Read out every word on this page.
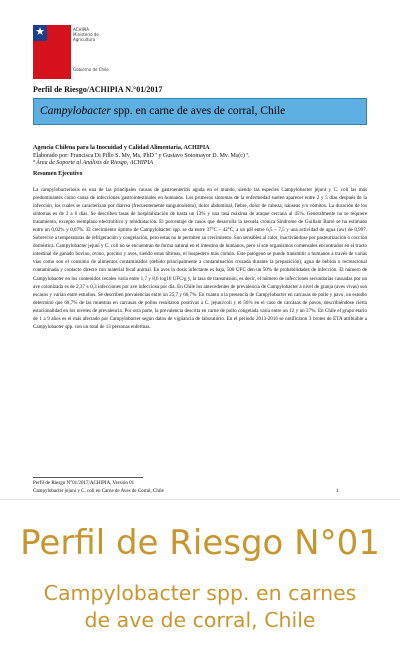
★	ACHIPIA
Ministerio de
Agricultura
Gobierno de Chile
Perfil de Riesgo/ACHIPIA N.°01/2017
Campylobacter spp. en carne de aves de corral, Chile
Agencia Chilena para la Inocuidad y Calidad Alimentaria, ACHIPIA
Elaborado por: Francisca Di Pillo S. Mv, Ms, PhD ª y Gustavo Sotomayor D. Mv. Ms(c) ª.
ª Área de Soporte al Análisis de Riesgo, ACHIPIA
Resumen Ejecutivo

La campylobacteriosis es una de las principales causas de gastroenteritis aguda en el mundo, siendo las especies Campylobacter jejuni y C. coli las más predominantes como causa de infecciones gastrointestinales en humanos. Los primeros síntomas de la enfermedad suelen aparecer entre 2 y 5 días después de la infección, los cuales se caracterizan por diarrea (frecuentemente sanguinolenta), dolor abdominal, fiebre, dolor de cabeza, náuseas y/o vómitos. La duración de los síntomas es de 3 a 6 días. Se describen tasas de hospitalización de hasta un 13% y una tasa máxima de ataque cercana al 45%. Generalmente no se requiere tratamiento, excepto reemplazo electrolítico y rehidratación. El porcentaje de casos que desarrolla la secuela crónica Síndrome de Guillain Barré se ha estimado entre un 0,02% y 0,07%. El crecimiento óptimo de Campylobacter spp. se da entre 37°C – 42°C, a un pH entre 6,5 – 7,5 y una actividad de agua (aw) de 0,997. Sobrevive a temperaturas de refrigeración y congelación, pero estas no le permiten su crecimiento. Son sensibles al calor, inactivándose por pasteurización o cocción doméstica. Campylobacter jejuni y C. coli no se encuentran de forma natural en el intestino de humanos, pero sí son organismos comensales encontrados en el tracto intestinal de ganado bovino, ovino, porcino y aves, siendo estas últimas, el hospedero más común. Este patógeno se puede transmitir a humanos a través de varias vías como son el consumo de alimentos contaminados (debido principalmente a contaminación cruzada durante la preparación), agua de bebida o recreacional contaminada y contacto directo con material fecal animal. En aves la dosis infectante es baja, 500 UFC den un 50% de probabilidades de infección. El número de Campylobacter en los contenidos cecales varía entre 1,7 y 8,6 log10 UFC/g y, la tasa de transmisión, es decir, el número de infecciones secundarias causadas por un ave colonizada es de 2,37 ± 0,3 infecciones por ave infecciosa por día. En Chile los antecedentes de prevalencia de Campylobacter a nivel de granja (aves vivas) son escasos y varían entre estudios. Se describen prevalencias entre un 25,7 y 66,7%. En cuanto a la presencia de Campylobacter en carcasas de pollo y pavo, un estudio determinó que 68,7% de las muestras en carcasas de pollos resultaron positivas a C. jejuni/coli y el 56% en el caso de carcasas de pavos, describiéndose cierta estacionalidad en los niveles de prevalencia. Por otra parte, la prevalencia descrita en carne de pollo congelada varía entre un 12 y un 37%. En Chile el grupo etario de 1 a 9 años es el más afectado por Campylobacter según datos de vigilancia de laboratorio. En el periodo 2013-2016 se notificaron 3 brotes de ETA atribuible a Campylobacter spp. con un total de 13 personas enfermas.

Perfil de Riesgo N°01/2017/ACHIPIA, Versión 01
Campylobacter jejuni y C. coli en Carne de Aves de Corral, Chile	1
Perfil de Riesgo N°01
Campylobacter spp. en carnes
de ave de corral, Chile
